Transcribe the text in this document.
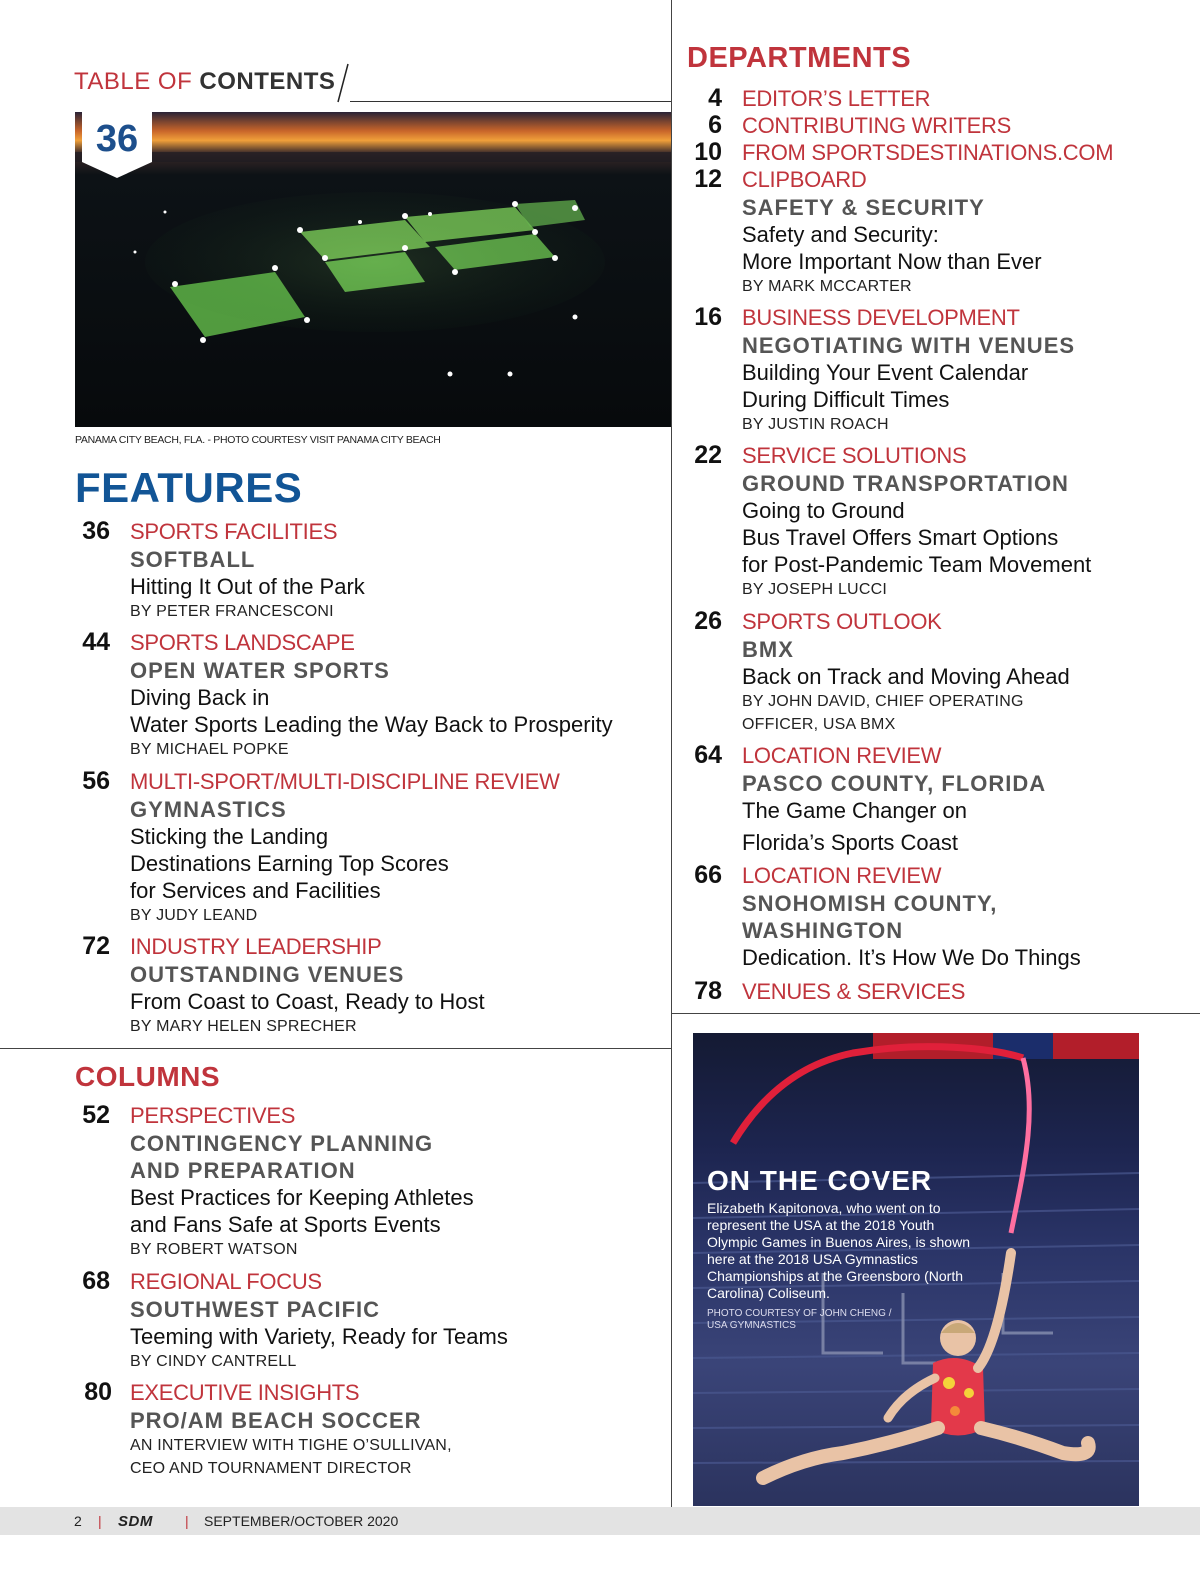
TABLE OF CONTENTS
36
PANAMA CITY BEACH, FLA. - PHOTO COURTESY VISIT PANAMA CITY BEACH
FEATURES
COLUMNS
DEPARTMENTS
36 SPORTS FACILITIES
SOFTBALL
Hitting It Out of the Park
BY PETER FRANCESCONI
44 SPORTS LANDSCAPE
OPEN WATER SPORTS
Diving Back in
Water Sports Leading the Way Back to Prosperity
BY MICHAEL POPKE
56 MULTI-SPORT/MULTI-DISCIPLINE REVIEW
GYMNASTICS
Sticking the Landing
Destinations Earning Top Scores
for Services and Facilities
BY JUDY LEAND
72 INDUSTRY LEADERSHIP
OUTSTANDING VENUES
From Coast to Coast, Ready to Host
BY MARY HELEN SPRECHER
52 PERSPECTIVES
CONTINGENCY PLANNING
AND PREPARATION
Best Practices for Keeping Athletes
and Fans Safe at Sports Events
BY ROBERT WATSON
68 REGIONAL FOCUS
SOUTHWEST PACIFIC
Teeming with Variety, Ready for Teams
BY CINDY CANTRELL
80 EXECUTIVE INSIGHTS
PRO/AM BEACH SOCCER
AN INTERVIEW WITH TIGHE O’SULLIVAN,
CEO AND TOURNAMENT DIRECTOR
4 EDITOR’S LETTER
6 CONTRIBUTING WRITERS
10 FROM SPORTSDESTINATIONS.COM
12 CLIPBOARD
SAFETY & SECURITY
Safety and Security:
More Important Now than Ever
BY MARK MCCARTER
16 BUSINESS DEVELOPMENT
NEGOTIATING WITH VENUES
Building Your Event Calendar
During Difficult Times
BY JUSTIN ROACH
22 SERVICE SOLUTIONS
GROUND TRANSPORTATION
Going to Ground
Bus Travel Offers Smart Options
for Post-Pandemic Team Movement
BY JOSEPH LUCCI
26 SPORTS OUTLOOK
BMX
Back on Track and Moving Ahead
BY JOHN DAVID, CHIEF OPERATING
OFFICER, USA BMX
64 LOCATION REVIEW
PASCO COUNTY, FLORIDA
The Game Changer on
Florida’s Sports Coast
66 LOCATION REVIEW
SNOHOMISH COUNTY,
WASHINGTON
Dedication. It’s How We Do Things
78 VENUES & SERVICES
ON THE COVER
Elizabeth Kapitonova, who went on to represent the USA at the 2018 Youth Olympic Games in Buenos Aires, is shown here at the 2018 USA Gymnastics Championships at the Greensboro (North Carolina) Coliseum.
PHOTO COURTESY OF JOHN CHENG / USA GYMNASTICS
2 | SDM | SEPTEMBER/OCTOBER 2020
